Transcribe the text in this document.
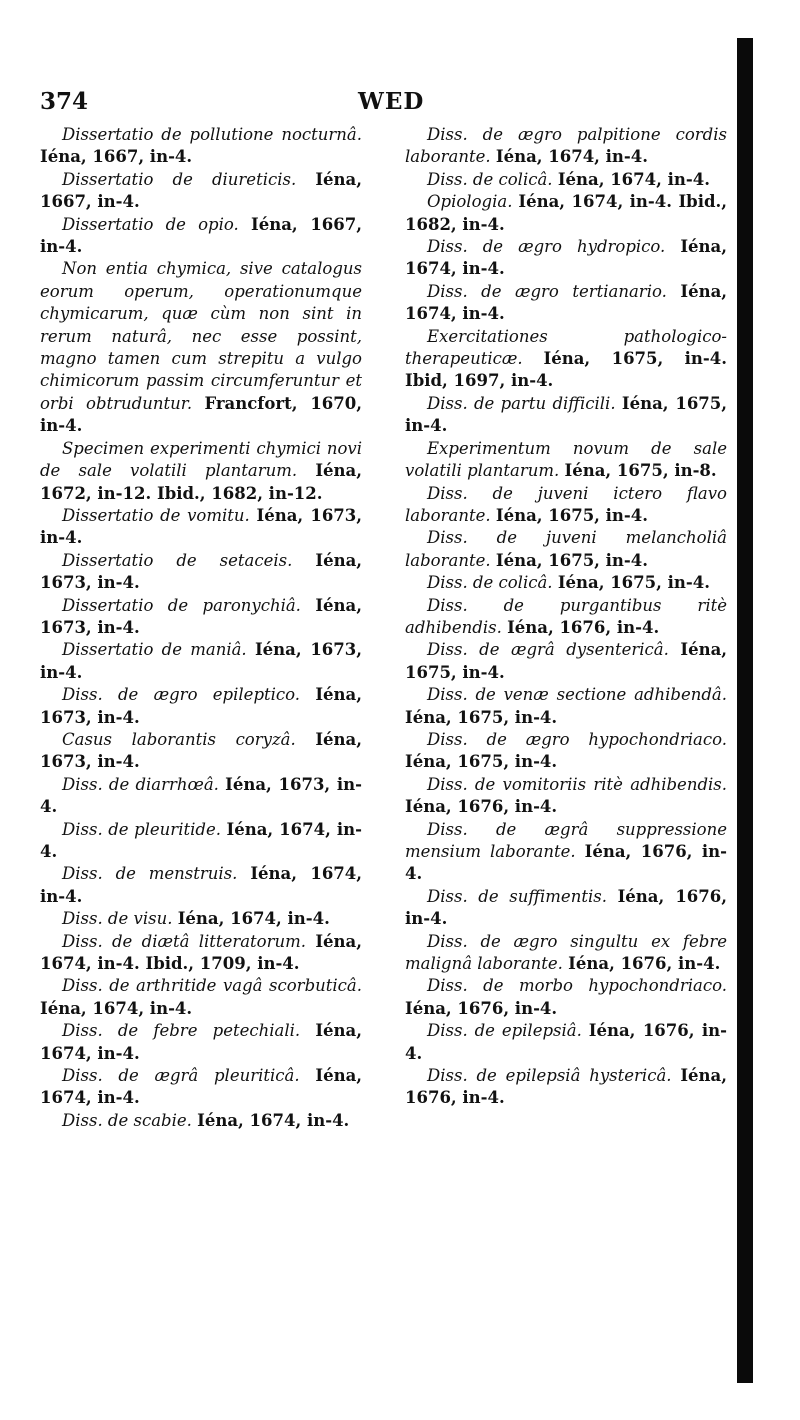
374	WED

Dissertatio de pollutione nocturnâ. Iéna, 1667, in-4.

Dissertatio de diureticis. Iéna, 1667, in-4.

Dissertatio de opio. Iéna, 1667, in-4.

Non entia chymica, sive catalogus eorum operum, operationumque chymicarum, quæ cùm non sint in rerum naturâ, nec esse possint, magno tamen cum strepitu a vulgo chimicorum passim circumferuntur et orbi obtruduntur. Francfort, 1670, in-4.

Specimen experimenti chymici novi de sale volatili plantarum. Iéna, 1672, in-12. Ibid., 1682, in-12.

Dissertatio de vomitu. Iéna, 1673, in-4.

Dissertatio de setaceis. Iéna, 1673, in-4.

Dissertatio de paronychiâ. Iéna, 1673, in-4.

Dissertatio de maniâ. Iéna, 1673, in-4.

Diss. de ægro epileptico. Iéna, 1673, in-4.

Casus laborantis coryzâ. Iéna, 1673, in-4.

Diss. de diarrhœâ. Iéna, 1673, in-4.

Diss. de pleuritide. Iéna, 1674, in-4.

Diss. de menstruis. Iéna, 1674, in-4.

Diss. de visu. Iéna, 1674, in-4.

Diss. de diætâ litteratorum. Iéna, 1674, in-4. Ibid., 1709, in-4.

Diss. de arthritide vagâ scorbuticâ. Iéna, 1674, in-4.

Diss. de febre petechiali. Iéna, 1674, in-4.

Diss. de ægrâ pleuriticâ. Iéna, 1674, in-4.

Diss. de scabie. Iéna, 1674, in-4.

Diss. de ægro palpitione cordis laborante. Iéna, 1674, in-4.

Diss. de colicâ. Iéna, 1674, in-4.

Opiologia. Iéna, 1674, in-4. Ibid., 1682, in-4.

Diss. de ægro hydropico. Iéna, 1674, in-4.

Diss. de ægro tertianario. Iéna, 1674, in-4.

Exercitationes pathologico-therapeuticæ. Iéna, 1675, in-4. Ibid, 1697, in-4.

Diss. de partu difficili. Iéna, 1675, in-4.

Experimentum novum de sale volatili plantarum. Iéna, 1675, in-8.

Diss. de juveni ictero flavo laborante. Iéna, 1675, in-4.

Diss. de juveni melancholiâ laborante. Iéna, 1675, in-4.

Diss. de colicâ. Iéna, 1675, in-4.

Diss. de purgantibus ritè adhibendis. Iéna, 1676, in-4.

Diss. de ægrâ dysentericâ. Iéna, 1675, in-4.

Diss. de venæ sectione adhibendâ. Iéna, 1675, in-4.

Diss. de ægro hypochondriaco. Iéna, 1675, in-4.

Diss. de vomitoriis ritè adhibendis. Iéna, 1676, in-4.

Diss. de ægrâ suppressione mensium laborante. Iéna, 1676, in-4.

Diss. de suffimentis. Iéna, 1676, in-4.

Diss. de ægro singultu ex febre malignâ laborante. Iéna, 1676, in-4.

Diss. de morbo hypochondriaco. Iéna, 1676, in-4.

Diss. de epilepsiâ. Iéna, 1676, in-4.

Diss. de epilepsiâ hystericâ. Iéna, 1676, in-4.
